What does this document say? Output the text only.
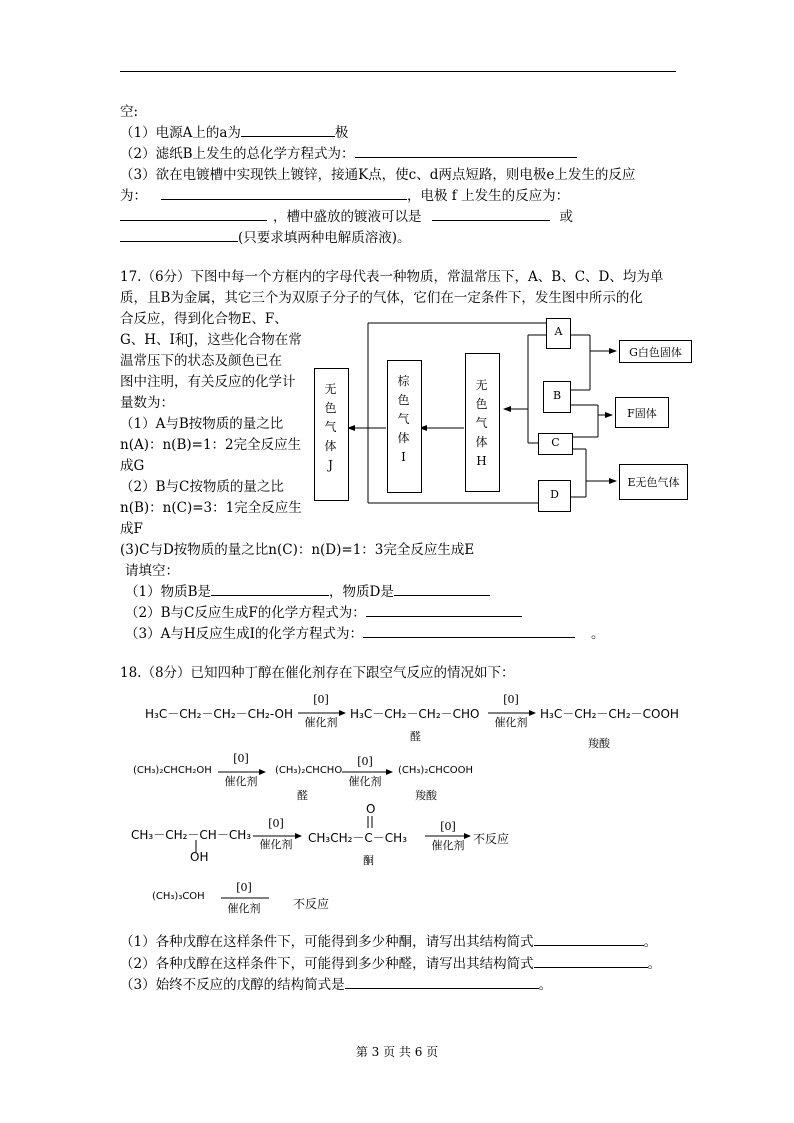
空:
（1）电源A上的a为	极
（2）滤纸B上发生的总化学方程式为：
（3）欲在电镀槽中实现铁上镀锌，接通K点，使c、d两点短路，则电极e上发生的反应
为：	，电极 f 上发生的反应为：
，槽中盛放的镀液可以是	或
(只要求填两种电解质溶液)。
17.（6分）下图中每一个方框内的字母代表一种物质，常温常压下，A、B、C、D、均为单
质，且B为金属，其它三个为双原子分子的气体，它们在一定条件下，发生图中所示的化
合反应，得到化合物E、F、
G、H、I和J，这些化合物在常
温常压下的状态及颜色已在
图中注明，有关反应的化学计
量数为：
（1）A与B按物质的量之比
n(A)：n(B)=1：2完全反应生
成G
（2）B与C按物质的量之比
n(B)：n(C)=3：1完全反应生
成F
(3)C与D按物质的量之比n(C)：n(D)=1：3完全反应生成E
请填空：
（1）物质B是	，物质D是
（2）B与C反应生成F的化学方程式为：
（3）A与H反应生成I的化学方程式为：	。
无
色
气
体
J
棕
色
气
体
I
无
色
气
体
H
A
B
C
D
G白色固体
F固体
E无色气体
18.（8分）已知四种丁醇在催化剂存在下跟空气反应的情况如下：
H₃C－CH₂－CH₂－CH₂-OH
[0]
催化剂
H₃C－CH₂－CH₂－CHO
醛
[0]
催化剂
H₃C－CH₂－CH₂－COOH
羧酸
(CH₃)₂CHCH₂OH
[0]
催化剂
(CH₃)₂CHCHO
醛
[0]
催化剂
(CH₃)₂CHCOOH
羧酸
CH₃－CH₂－CH－CH₃
OH
[0]
催化剂
O
CH₃CH₂－C－CH₃
酮
[0]
催化剂 不反应
(CH₃)₃COH
[0]
催化剂	不反应
（1）各种戊醇在这样条件下，可能得到多少种酮，请写出其结构简式	。
（2）各种戊醇在这样条件下，可能得到多少种醛，请写出其结构简式	。
（3）始终不反应的戊醇的结构简式是	。
第 3 页 共 6 页
